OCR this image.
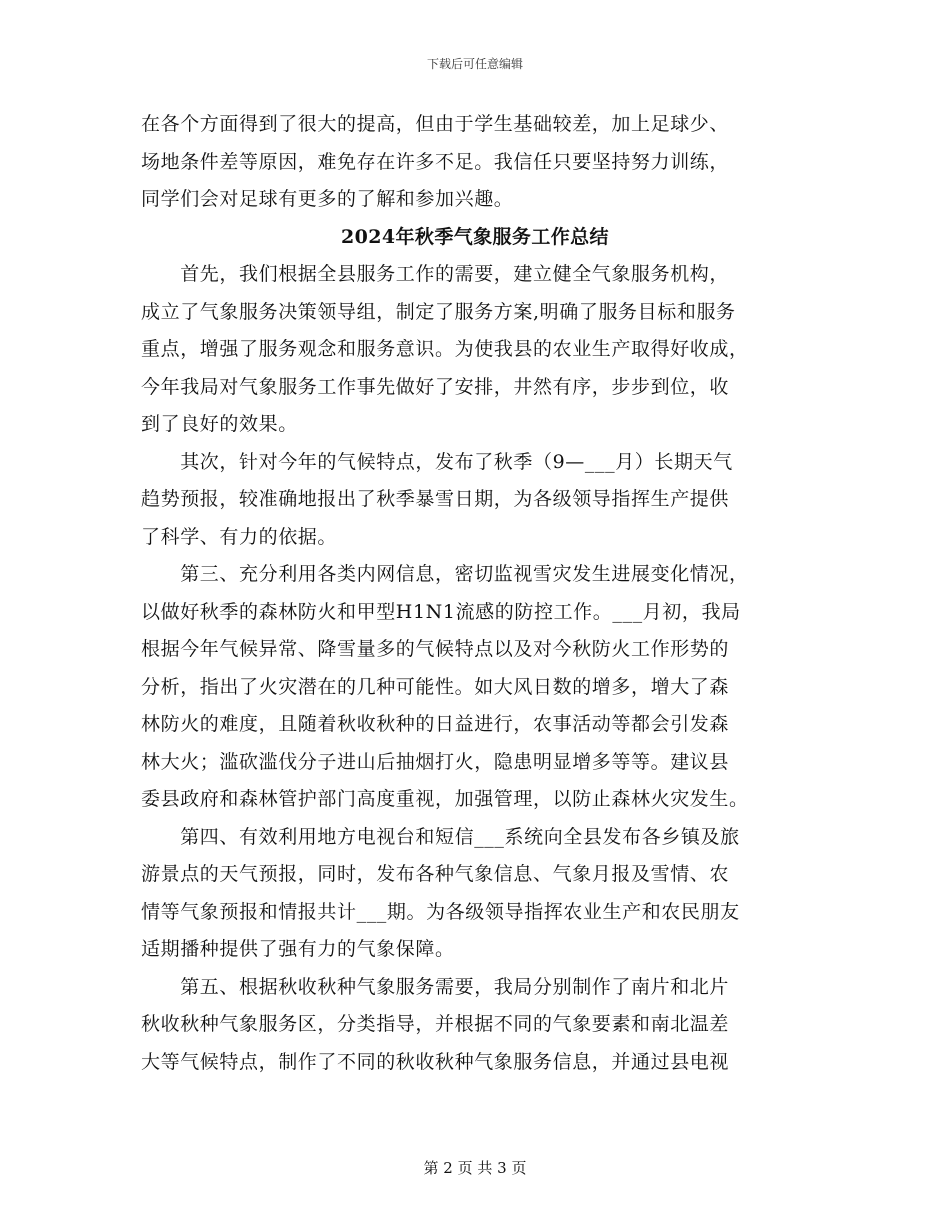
下载后可任意编辑
在各个方面得到了很大的提高，但由于学生基础较差，加上足球少、
场地条件差等原因，难免存在许多不足。我信任只要坚持努力训练，
同学们会对足球有更多的了解和参加兴趣。
2024年秋季气象服务工作总结
　　首先，我们根据全县服务工作的需要，建立健全气象服务机构，
成立了气象服务决策领导组，制定了服务方案,明确了服务目标和服务
重点，增强了服务观念和服务意识。为使我县的农业生产取得好收成，
今年我局对气象服务工作事先做好了安排，井然有序，步步到位，收
到了良好的效果。
　　其次，针对今年的气候特点，发布了秋季（9—___月）长期天气
趋势预报，较准确地报出了秋季暴雪日期，为各级领导指挥生产提供
了科学、有力的依据。
　　第三、充分利用各类内网信息，密切监视雪灾发生进展变化情况，
以做好秋季的森林防火和甲型H1N1流感的防控工作。___月初，我局
根据今年气候异常、降雪量多的气候特点以及对今秋防火工作形势的
分析，指出了火灾潜在的几种可能性。如大风日数的增多，增大了森
林防火的难度，且随着秋收秋种的日益进行，农事活动等都会引发森
林大火；滥砍滥伐分子进山后抽烟打火，隐患明显增多等等。建议县
委县政府和森林管护部门高度重视，加强管理，以防止森林火灾发生。
　　第四、有效利用地方电视台和短信___系统向全县发布各乡镇及旅
游景点的天气预报，同时，发布各种气象信息、气象月报及雪情、农
情等气象预报和情报共计___期。为各级领导指挥农业生产和农民朋友
适期播种提供了强有力的气象保障。
　　第五、根据秋收秋种气象服务需要，我局分别制作了南片和北片
秋收秋种气象服务区，分类指导，并根据不同的气象要素和南北温差
大等气候特点，制作了不同的秋收秋种气象服务信息，并通过县电视
第 2 页 共 3 页
